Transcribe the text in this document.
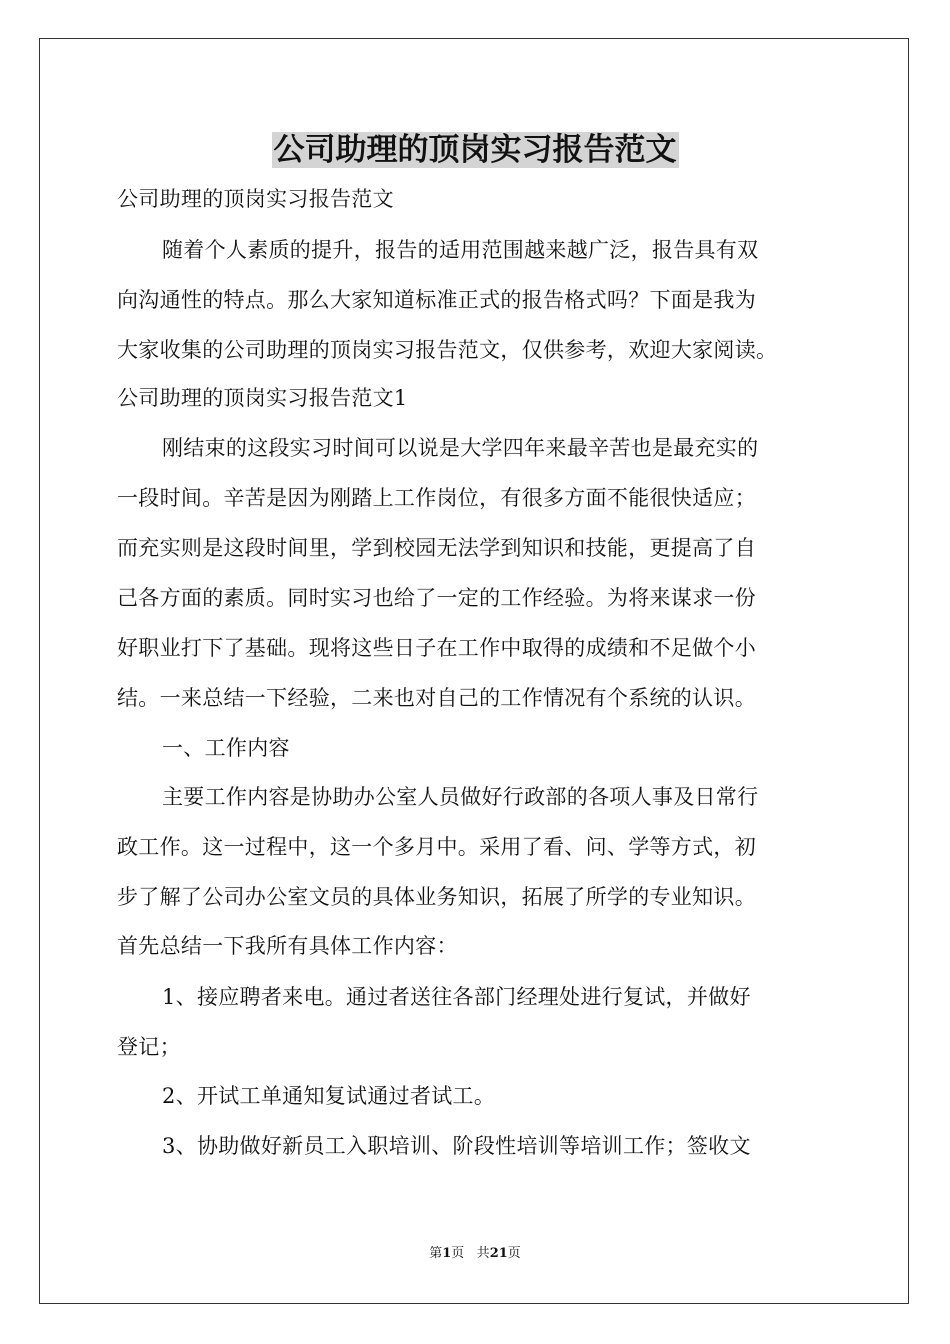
公司助理的顶岗实习报告范文
公司助理的顶岗实习报告范文
随着个人素质的提升，报告的适用范围越来越广泛，报告具有双
向沟通性的特点。那么大家知道标准正式的报告格式吗？下面是我为
大家收集的公司助理的顶岗实习报告范文，仅供参考，欢迎大家阅读。
公司助理的顶岗实习报告范文1
刚结束的这段实习时间可以说是大学四年来最辛苦也是最充实的
一段时间。辛苦是因为刚踏上工作岗位，有很多方面不能很快适应；
而充实则是这段时间里，学到校园无法学到知识和技能，更提高了自
己各方面的素质。同时实习也给了一定的工作经验。为将来谋求一份
好职业打下了基础。现将这些日子在工作中取得的成绩和不足做个小
结。一来总结一下经验，二来也对自己的工作情况有个系统的认识。
一、工作内容
主要工作内容是协助办公室人员做好行政部的各项人事及日常行
政工作。这一过程中，这一个多月中。采用了看、问、学等方式，初
步了解了公司办公室文员的具体业务知识，拓展了所学的专业知识。
首先总结一下我所有具体工作内容：
1、接应聘者来电。通过者送往各部门经理处进行复试，并做好
登记；
2、开试工单通知复试通过者试工。
3、协助做好新员工入职培训、阶段性培训等培训工作；签收文
第1页 共21页
